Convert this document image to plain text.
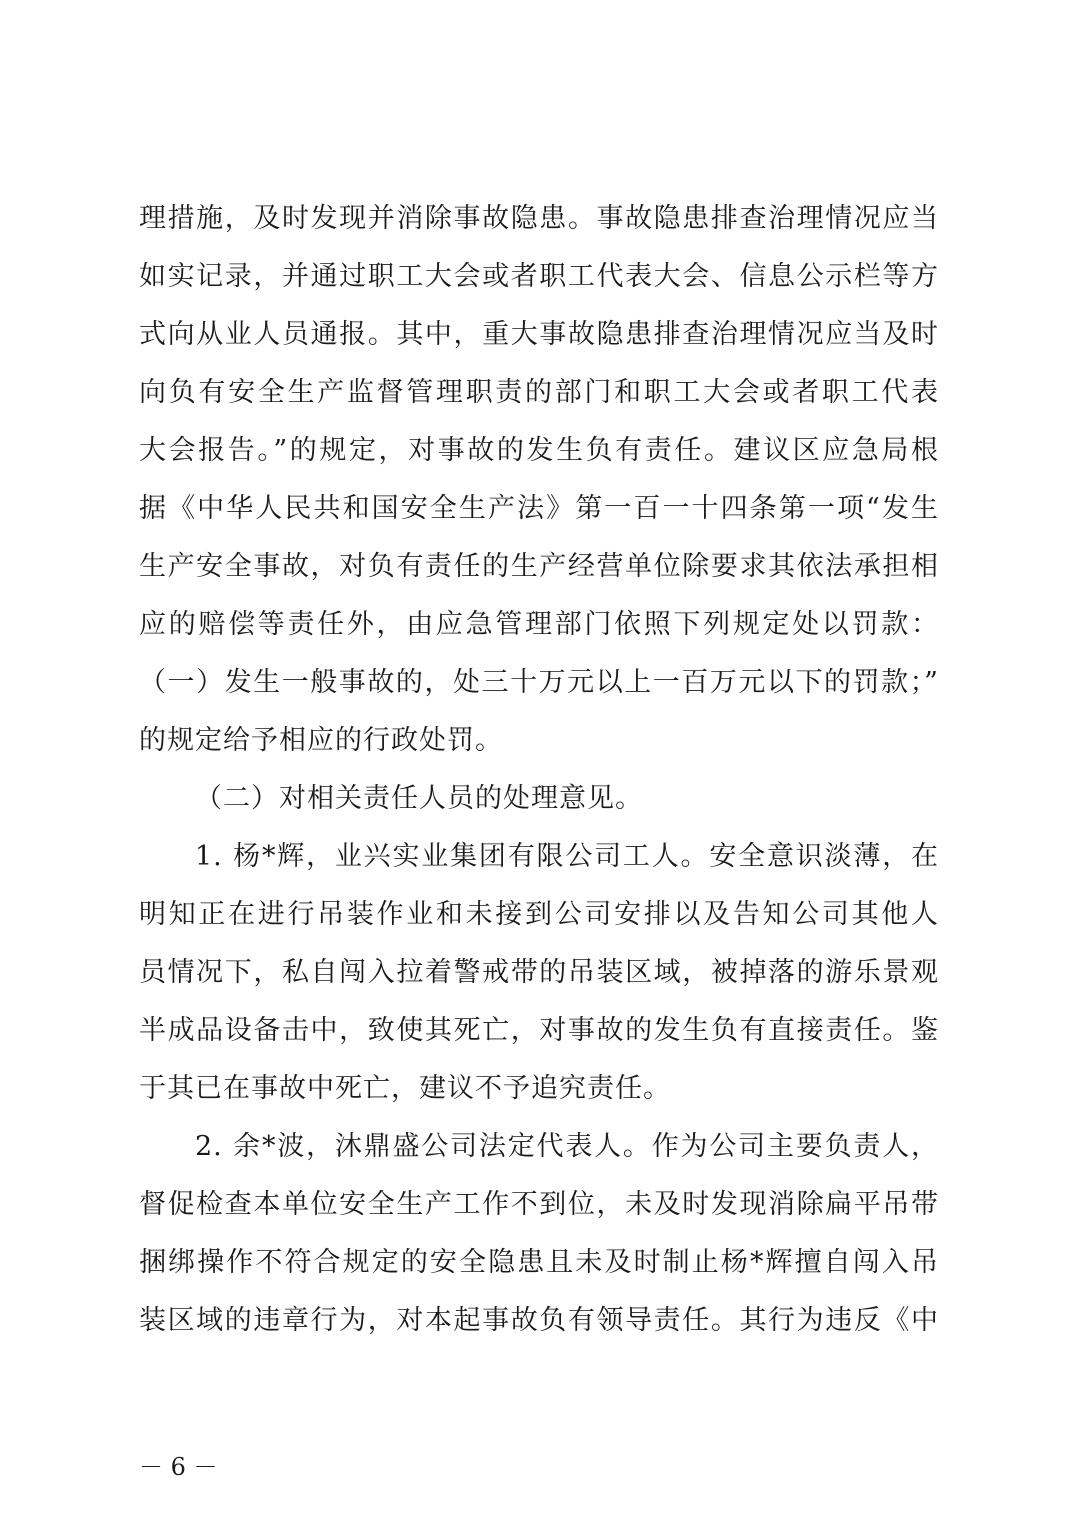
理措施，及时发现并消除事故隐患。事故隐患排查治理情况应当
如实记录，并通过职工大会或者职工代表大会、信息公示栏等方
式向从业人员通报。其中，重大事故隐患排查治理情况应当及时
向负有安全生产监督管理职责的部门和职工大会或者职工代表
大会报告。”的规定，对事故的发生负有责任。建议区应急局根
据《中华人民共和国安全生产法》第一百一十四条第一项“发生
生产安全事故，对负有责任的生产经营单位除要求其依法承担相
应的赔偿等责任外，由应急管理部门依照下列规定处以罚款：
（一）发生一般事故的，处三十万元以上一百万元以下的罚款；”
的规定给予相应的行政处罚。
（二）对相关责任人员的处理意见。
1. 杨*辉，业兴实业集团有限公司工人。安全意识淡薄，在
明知正在进行吊装作业和未接到公司安排以及告知公司其他人
员情况下，私自闯入拉着警戒带的吊装区域，被掉落的游乐景观
半成品设备击中，致使其死亡，对事故的发生负有直接责任。鉴
于其已在事故中死亡，建议不予追究责任。
2. 余*波，沐鼎盛公司法定代表人。作为公司主要负责人，
督促检查本单位安全生产工作不到位，未及时发现消除扁平吊带
捆绑操作不符合规定的安全隐患且未及时制止杨*辉擅自闯入吊
装区域的违章行为，对本起事故负有领导责任。其行为违反《中
－ 6 －
